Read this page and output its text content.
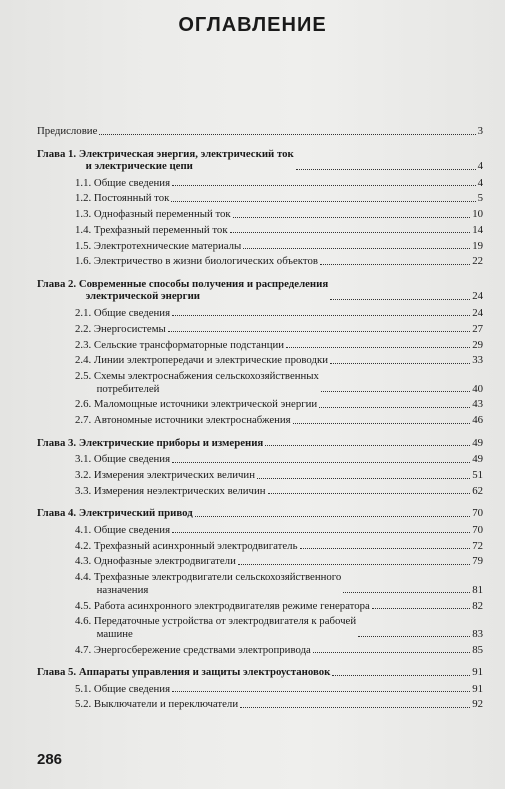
ОГЛАВЛЕНИЕ
Предисловие	3
Глава 1. Электрическая энергия, электрический ток
и электрические цепи	4
1.1. Общие сведения	4
1.2. Постоянный ток	5
1.3. Однофазный переменный ток	10
1.4. Трехфазный переменный ток	14
1.5. Электротехнические материалы	19
1.6. Электричество в жизни биологических объектов	22
Глава 2. Современные способы получения и распределения
электрической энергии	24
2.1. Общие сведения	24
2.2. Энергосистемы	27
2.3. Сельские трансформаторные подстанции	29
2.4. Линии электропередачи и электрические проводки	33
2.5. Схемы электроснабжения сельскохозяйственных
потребителей	40
2.6. Маломощные источники электрической энергии	43
2.7. Автономные источники электроснабжения	46
Глава 3. Электрические приборы и измерения	49
3.1. Общие сведения	49
3.2. Измерения электрических величин	51
3.3. Измерения неэлектрических величин	62
Глава 4. Электрический привод	70
4.1. Общие сведения	70
4.2. Трехфазный асинхронный электродвигатель	72
4.3. Однофазные электродвигатели	79
4.4. Трехфазные электродвигатели сельскохозяйственного
назначения	81
4.5. Работа асинхронного электродвигателяв режиме генератора	82
4.6. Передаточные устройства от электродвигателя к рабочей
машине	83
4.7. Энергосбережение средствами электропривода	85
Глава 5. Аппараты управления и защиты электроустановок	91
5.1. Общие сведения	91
5.2. Выключатели и переключатели	92
286
